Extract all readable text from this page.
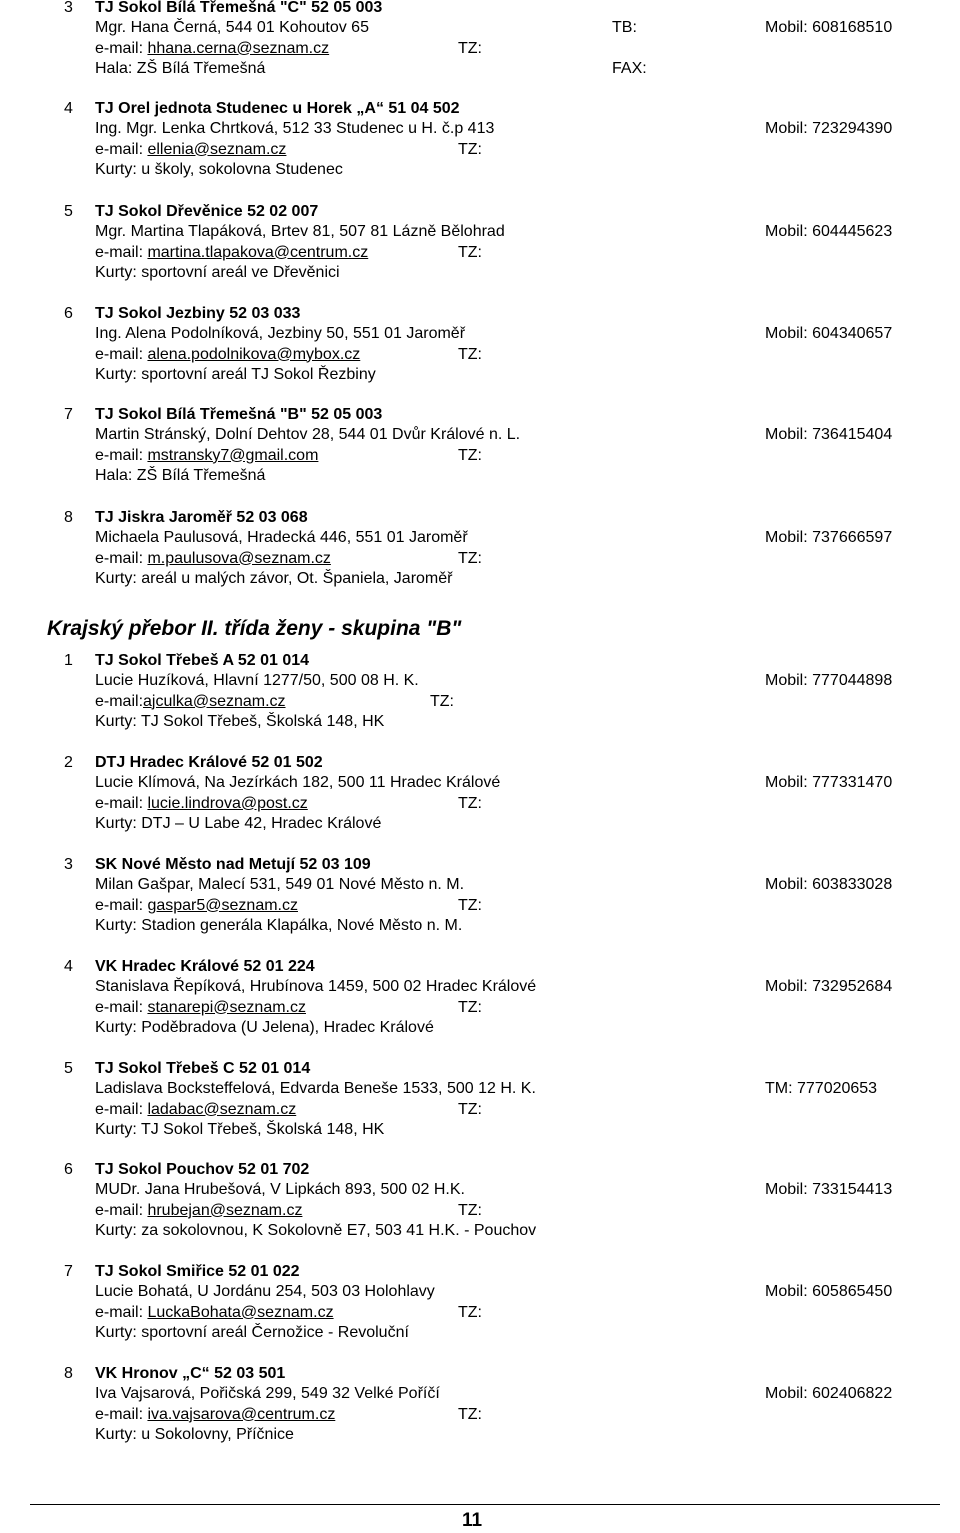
3 TJ Sokol Bílá Třemešná "C" 52 05 003
Mgr. Hana Černá, 544 01 Kohoutov 65	TB:	Mobil: 608168510
e-mail: hhana.cerna@seznam.cz	TZ:
Hala: ZŠ Bílá Třemešná	FAX:
4 TJ Orel jednota Studenec u Horek „A“ 51 04 502
Ing. Mgr. Lenka Chrtková, 512 33 Studenec u H. č.p 413	Mobil: 723294390
e-mail: ellenia@seznam.cz	TZ:
Kurty: u školy, sokolovna Studenec
5 TJ Sokol Dřevěnice 52 02 007
Mgr. Martina Tlapáková, Brtev 81, 507 81 Lázně Bělohrad	Mobil: 604445623
e-mail: martina.tlapakova@centrum.cz	TZ:
Kurty: sportovní areál ve Dřevěnici
6 TJ Sokol Jezbiny 52 03 033
Ing. Alena Podolníková, Jezbiny 50, 551 01 Jaroměř	Mobil: 604340657
e-mail: alena.podolnikova@mybox.cz	TZ:
Kurty: sportovní areál TJ Sokol Řezbiny
7 TJ Sokol Bílá Třemešná "B" 52 05 003
Martin Stránský, Dolní Dehtov 28, 544 01 Dvůr Králové n. L.	Mobil: 736415404
e-mail: mstransky7@gmail.com	TZ:
Hala: ZŠ Bílá Třemešná
8 TJ Jiskra Jaroměř 52 03 068
Michaela Paulusová, Hradecká 446, 551 01 Jaroměř	Mobil: 737666597
e-mail: m.paulusova@seznam.cz	TZ:
Kurty: areál u malých závor, Ot. Španiela, Jaroměř
Krajský přebor II. třída ženy - skupina "B"
1 TJ Sokol Třebeš A 52 01 014
Lucie Huzíková, Hlavní 1277/50, 500 08 H. K.	Mobil: 777044898
e-mail:ajculka@seznam.cz	TZ:
Kurty: TJ Sokol Třebeš, Školská 148, HK
2 DTJ Hradec Králové 52 01 502
Lucie Klímová, Na Jezírkách 182, 500 11 Hradec Králové	Mobil: 777331470
e-mail: lucie.lindrova@post.cz	TZ:
Kurty: DTJ – U Labe 42, Hradec Králové
3 SK Nové Město nad Metují 52 03 109
Milan Gašpar, Malecí 531, 549 01 Nové Město n. M.	Mobil: 603833028
e-mail: gaspar5@seznam.cz	TZ:
Kurty: Stadion generála Klapálka, Nové Město n. M.
4 VK Hradec Králové 52 01 224
Stanislava Řepíková, Hrubínova 1459, 500 02 Hradec Králové	Mobil: 732952684
e-mail: stanarepi@seznam.cz	TZ:
Kurty: Poděbradova (U Jelena), Hradec Králové
5 TJ Sokol Třebeš C 52 01 014
Ladislava Bocksteffelová, Edvarda Beneše 1533, 500 12 H. K.	TM: 777020653
e-mail: ladabac@seznam.cz	TZ:
Kurty: TJ Sokol Třebeš, Školská 148, HK
6 TJ Sokol Pouchov 52 01 702
MUDr. Jana Hrubešová, V Lipkách 893, 500 02 H.K.	Mobil: 733154413
e-mail: hrubejan@seznam.cz	TZ:
Kurty: za sokolovnou, K Sokolovně E7, 503 41 H.K. - Pouchov
7 TJ Sokol Smiřice 52 01 022
Lucie Bohatá, U Jordánu 254, 503 03 Holohlavy	Mobil: 605865450
e-mail: LuckaBohata@seznam.cz	TZ:
Kurty: sportovní areál Černožice - Revoluční
8 VK Hronov „C“ 52 03 501
Iva Vajsarová, Pořičská 299, 549 32 Velké Poříčí	Mobil: 602406822
e-mail: iva.vajsarova@centrum.cz	TZ:
Kurty: u Sokolovny, Příčnice
11
